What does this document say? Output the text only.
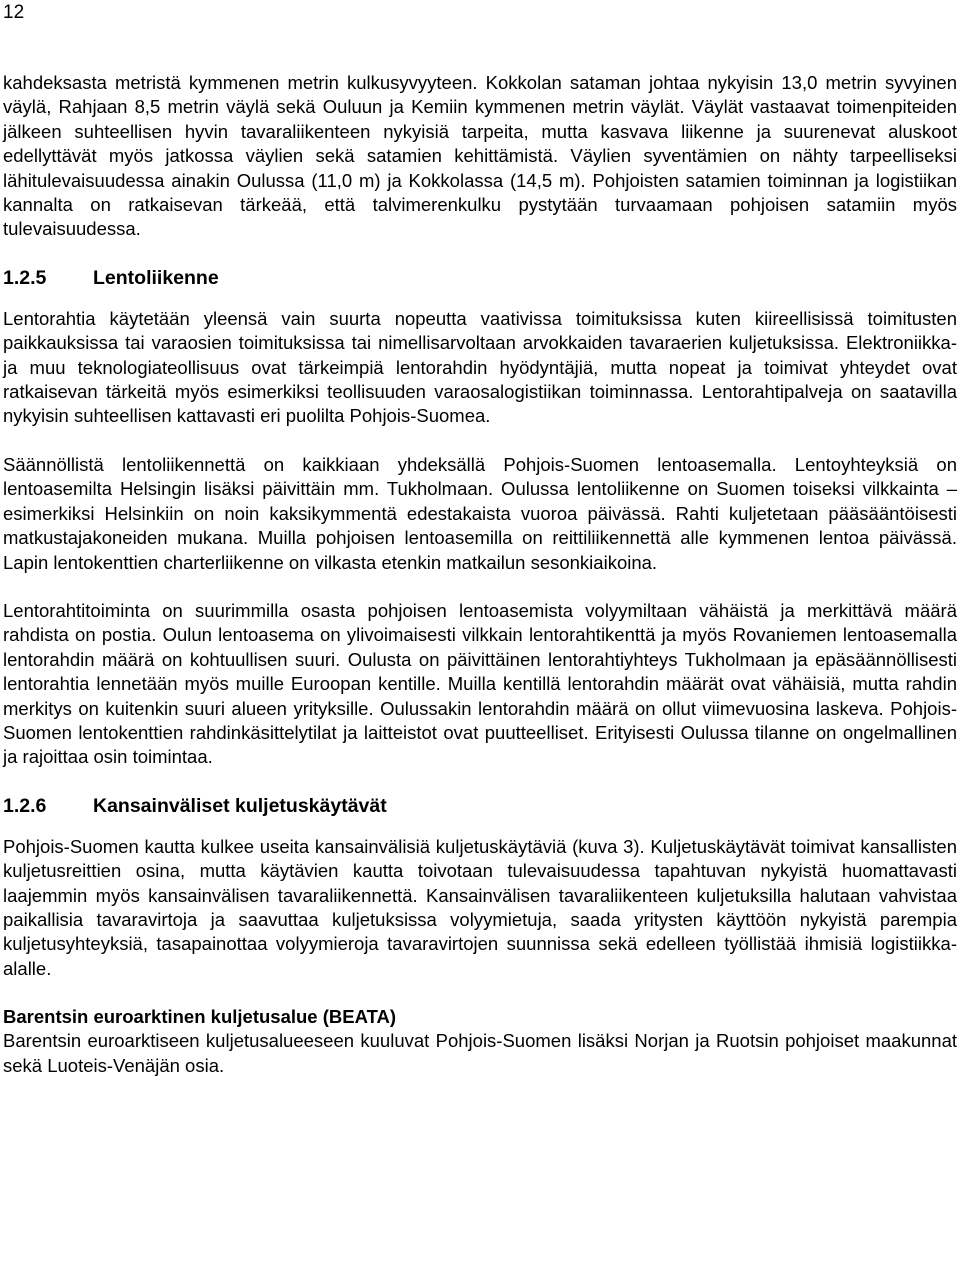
12

kahdeksasta metristä kymmenen metrin kulkusyvyyteen. Kokkolan sataman johtaa nykyisin 13,0 metrin syvyinen väylä, Rahjaan 8,5 metrin väylä sekä Ouluun ja Kemiin kymmenen metrin väylät. Väylät vastaavat toimenpiteiden jälkeen suhteellisen hyvin tavaraliikenteen nykyisiä tarpeita, mutta kasvava liikenne ja suurenevat aluskoot edellyttävät myös jatkossa väylien sekä satamien kehittämistä. Väylien syventämien on nähty tarpeelliseksi lähitulevaisuudessa ainakin Oulussa (11,0 m) ja Kokkolassa (14,5 m). Pohjoisten satamien toiminnan ja logistiikan kannalta on ratkaisevan tärkeää, että talvimerenkulku pystytään turvaamaan pohjoisen satamiin myös tulevaisuudessa.

1.2.5 Lentoliikenne

Lentorahtia käytetään yleensä vain suurta nopeutta vaativissa toimituksissa kuten kiireellisissä toimitusten paikkauksissa tai varaosien toimituksissa tai nimellisarvoltaan arvokkaiden tavaraerien kuljetuksissa. Elektroniikka- ja muu teknologiateollisuus ovat tärkeimpiä lentorahdin hyödyntäjiä, mutta nopeat ja toimivat yhteydet ovat ratkaisevan tärkeitä myös esimerkiksi teollisuuden varaosalogistiikan toiminnassa. Lentorahtipalveja on saatavilla nykyisin suhteellisen kattavasti eri puolilta Pohjois-Suomea.

Säännöllistä lentoliikennettä on kaikkiaan yhdeksällä Pohjois-Suomen lentoasemalla. Lentoyhteyksiä on lentoasemilta Helsingin lisäksi päivittäin mm. Tukholmaan. Oulussa lentoliikenne on Suomen toiseksi vilkkainta – esimerkiksi Helsinkiin on noin kaksikymmentä edestakaista vuoroa päivässä. Rahti kuljetetaan pääsääntöisesti matkustajakoneiden mukana. Muilla pohjoisen lentoasemilla on reittiliikennettä alle kymmenen lentoa päivässä. Lapin lentokenttien charterliikenne on vilkasta etenkin matkailun sesonkiaikoina.

Lentorahtitoiminta on suurimmilla osasta pohjoisen lentoasemista volyymiltaan vähäistä ja merkittävä määrä rahdista on postia. Oulun lentoasema on ylivoimaisesti vilkkain lentorahtikenttä ja myös Rovaniemen lentoasemalla lentorahdin määrä on kohtuullisen suuri. Oulusta on päivittäinen lentorahtiyhteys Tukholmaan ja epäsäännöllisesti lentorahtia lennetään myös muille Euroopan kentille. Muilla kentillä lentorahdin määrät ovat vähäisiä, mutta rahdin merkitys on kuitenkin suuri alueen yrityksille. Oulussakin lentorahdin määrä on ollut viimevuosina laskeva. Pohjois-Suomen lentokenttien rahdinkäsittelytilat ja laitteistot ovat puutteelliset. Erityisesti Oulussa tilanne on ongelmallinen ja rajoittaa osin toimintaa.

1.2.6 Kansainväliset kuljetuskäytävät

Pohjois-Suomen kautta kulkee useita kansainvälisiä kuljetuskäytäviä (kuva 3). Kuljetuskäytävät toimivat kansallisten kuljetusreittien osina, mutta käytävien kautta toivotaan tulevaisuudessa tapahtuvan nykyistä huomattavasti laajemmin myös kansainvälisen tavaraliikennettä. Kansainvälisen tavaraliikenteen kuljetuksilla halutaan vahvistaa paikallisia tavaravirtoja ja saavuttaa kuljetuksissa volyymietuja, saada yritysten käyttöön nykyistä parempia kuljetusyhteyksiä, tasapainottaa volyymieroja tavaravirtojen suunnissa sekä edelleen työllistää ihmisiä logistiikkaalalle.

Barentsin euroarktinen kuljetusalue (BEATA)

Barentsin euroarktiseen kuljetusalueeseen kuuluvat Pohjois-Suomen lisäksi Norjan ja Ruotsin pohjoiset maakunnat sekä Luoteis-Venäjän osia.
